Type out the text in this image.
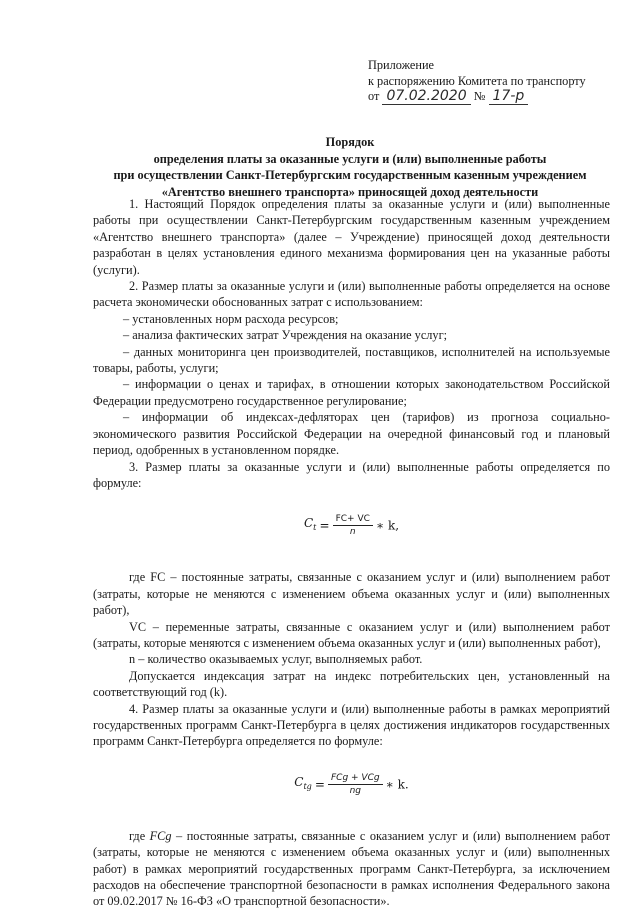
Приложение
к распоряжению Комитета по транспорту
от 07.02.2020 № 17-р
Порядок
определения платы за оказанные услуги и (или) выполненные работы
при осуществлении Санкт-Петербургским государственным казенным учреждением
«Агентство внешнего транспорта» приносящей доход деятельности

1. Настоящий Порядок определения платы за оказанные услуги и (или) выполненные работы при осуществлении Санкт-Петербургским государственным казенным учреждением «Агентство внешнего транспорта» (далее – Учреждение) приносящей доход деятельности разработан в целях установления единого механизма формирования цен на указанные работы (услуги).

2. Размер платы за оказанные услуги и (или) выполненные работы определяется на основе расчета экономически обоснованных затрат с использованием:

– установленных норм расхода ресурсов;

– анализа фактических затрат Учреждения на оказание услуг;

– данных мониторинга цен производителей, поставщиков, исполнителей на используемые товары, работы, услуги;

– информации о ценах и тарифах, в отношении которых законодательством Российской Федерации предусмотрено государственное регулирование;

– информации об индексах-дефляторах цен (тарифов) из прогноза социально-экономического развития Российской Федерации на очередной финансовый год и плановый период, одобренных в установленном порядке.

3. Размер платы за оказанные услуги и (или) выполненные работы определяется по формуле:

$C_t = \frac{FC+ VC}{n}$ ∗ k,

где FC – постоянные затраты, связанные с оказанием услуг и (или) выполнением работ (затраты, которые не меняются с изменением объема оказанных услуг и (или) выполненных работ),

VC – переменные затраты, связанные с оказанием услуг и (или) выполнением работ (затраты, которые меняются с изменением объема оказанных услуг и (или) выполненных работ),

n – количество оказываемых услуг, выполняемых работ.

Допускается индексация затрат на индекс потребительских цен, установленный на соответствующий год (k).

4. Размер платы за оказанные услуги и (или) выполненные работы в рамках мероприятий государственных программ Санкт-Петербурга в целях достижения индикаторов государственных программ Санкт-Петербурга определяется по формуле:

$C_{tg} = \frac{\text{FCg + VCg}}{ng}$ ∗ k.

где FCg – постоянные затраты, связанные с оказанием услуг и (или) выполнением работ (затраты, которые не меняются с изменением объема оказанных услуг и (или) выполненных работ) в рамках мероприятий государственных программ Санкт-Петербурга, за исключением расходов на обеспечение транспортной безопасности в рамках исполнения Федерального закона от 09.02.2017 № 16-ФЗ «О транспортной безопасности».
